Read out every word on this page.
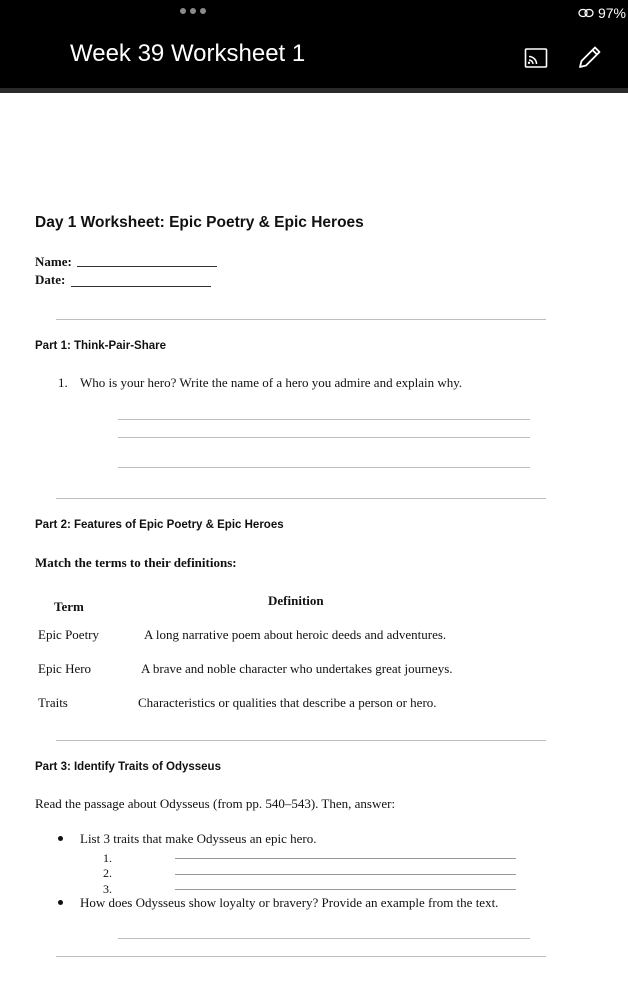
97%
Week 39 Worksheet 1
Day 1 Worksheet: Epic Poetry & Epic Heroes
Name:
Date:
Part 1: Think-Pair-Share
1. Who is your hero? Write the name of a hero you admire and explain why.
Part 2: Features of Epic Poetry & Epic Heroes
Match the terms to their definitions:
Term	Definition
Epic Poetry	A long narrative poem about heroic deeds and adventures.
Epic Hero	A brave and noble character who undertakes great journeys.
Traits	Characteristics or qualities that describe a person or hero.
Part 3: Identify Traits of Odysseus
Read the passage about Odysseus (from pp. 540–543). Then, answer:
List 3 traits that make Odysseus an epic hero.
1.
2.
3.
How does Odysseus show loyalty or bravery? Provide an example from the text.
